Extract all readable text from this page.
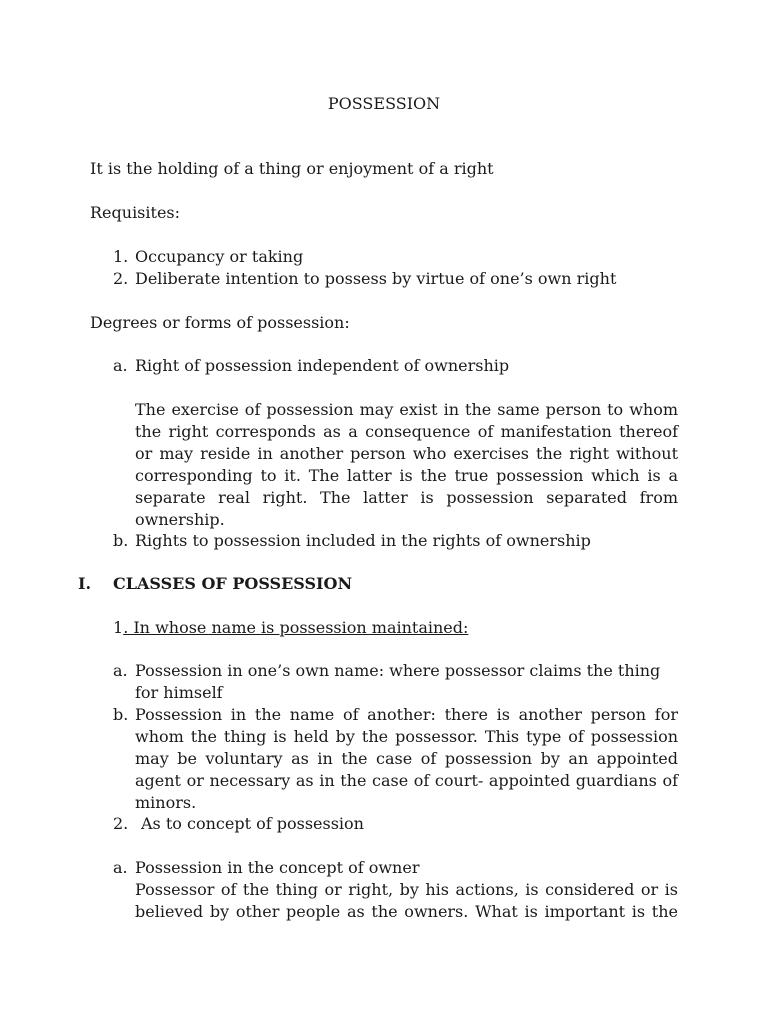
POSSESSION
It is the holding of a thing or enjoyment of a right
Requisites:
1. Occupancy or taking
2. Deliberate intention to possess by virtue of one’s own right
Degrees or forms of possession:
a. Right of possession independent of ownership
The exercise of possession may exist in the same person to whom the right corresponds as a consequence of manifestation thereof or may reside in another person who exercises the right without corresponding to it. The latter is the true possession which is a separate real right. The latter is possession separated from ownership.
b. Rights to possession included in the rights of ownership
I. CLASSES OF POSSESSION
1. In whose name is possession maintained:
a. Possession in one’s own name: where possessor claims the thing for himself
b. Possession in the name of another: there is another person for whom the thing is held by the possessor. This type of possession may be voluntary as in the case of possession by an appointed agent or necessary as in the case of court- appointed guardians of minors.
2. As to concept of possession
a. Possession in the concept of owner
Possessor of the thing or right, by his actions, is considered or is believed by other people as the owners. What is important is the
